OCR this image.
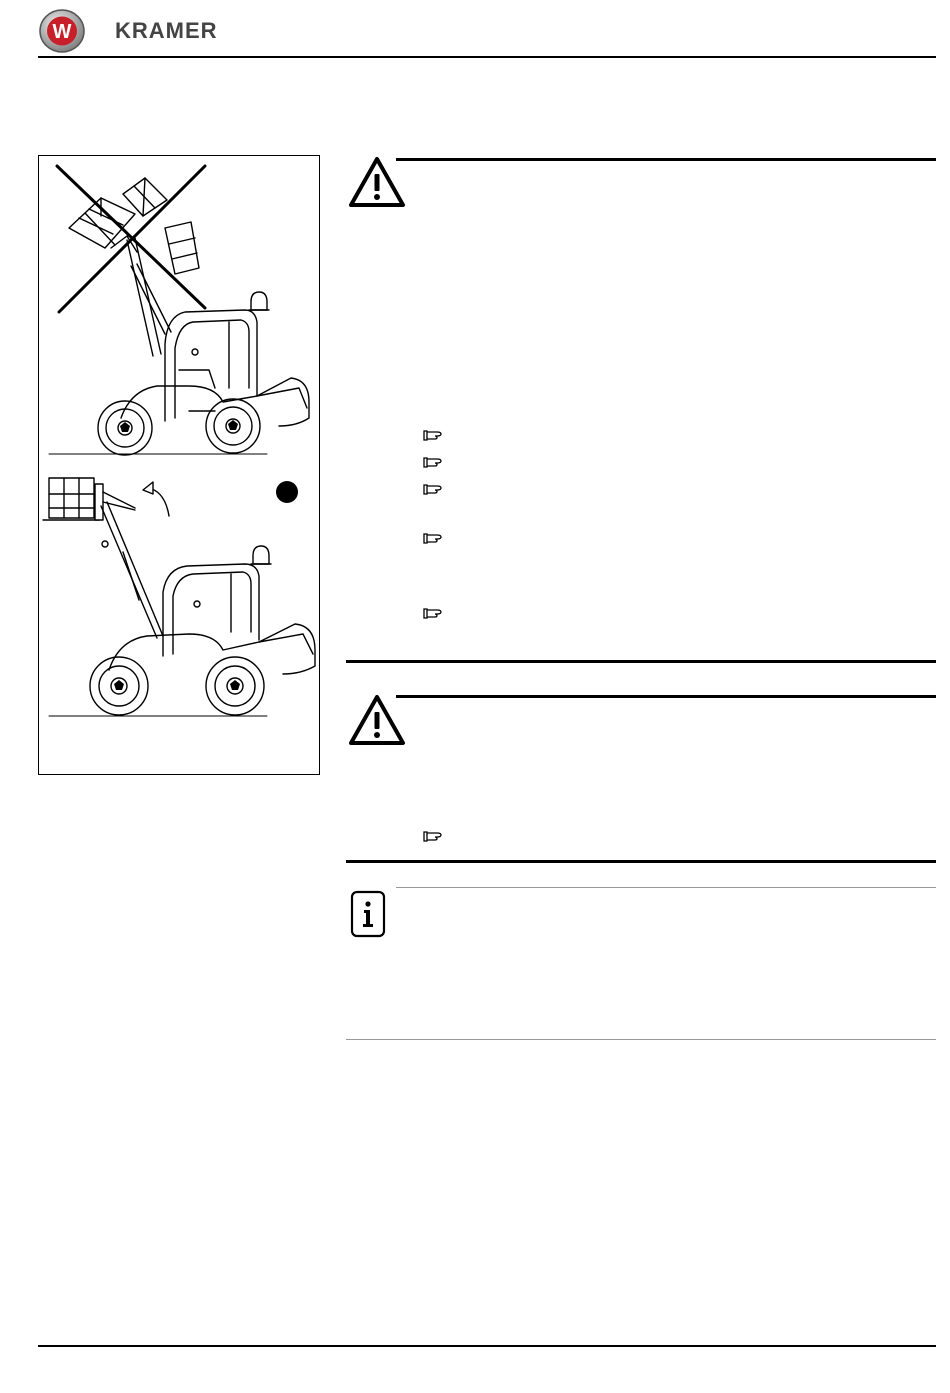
W KRAMER
